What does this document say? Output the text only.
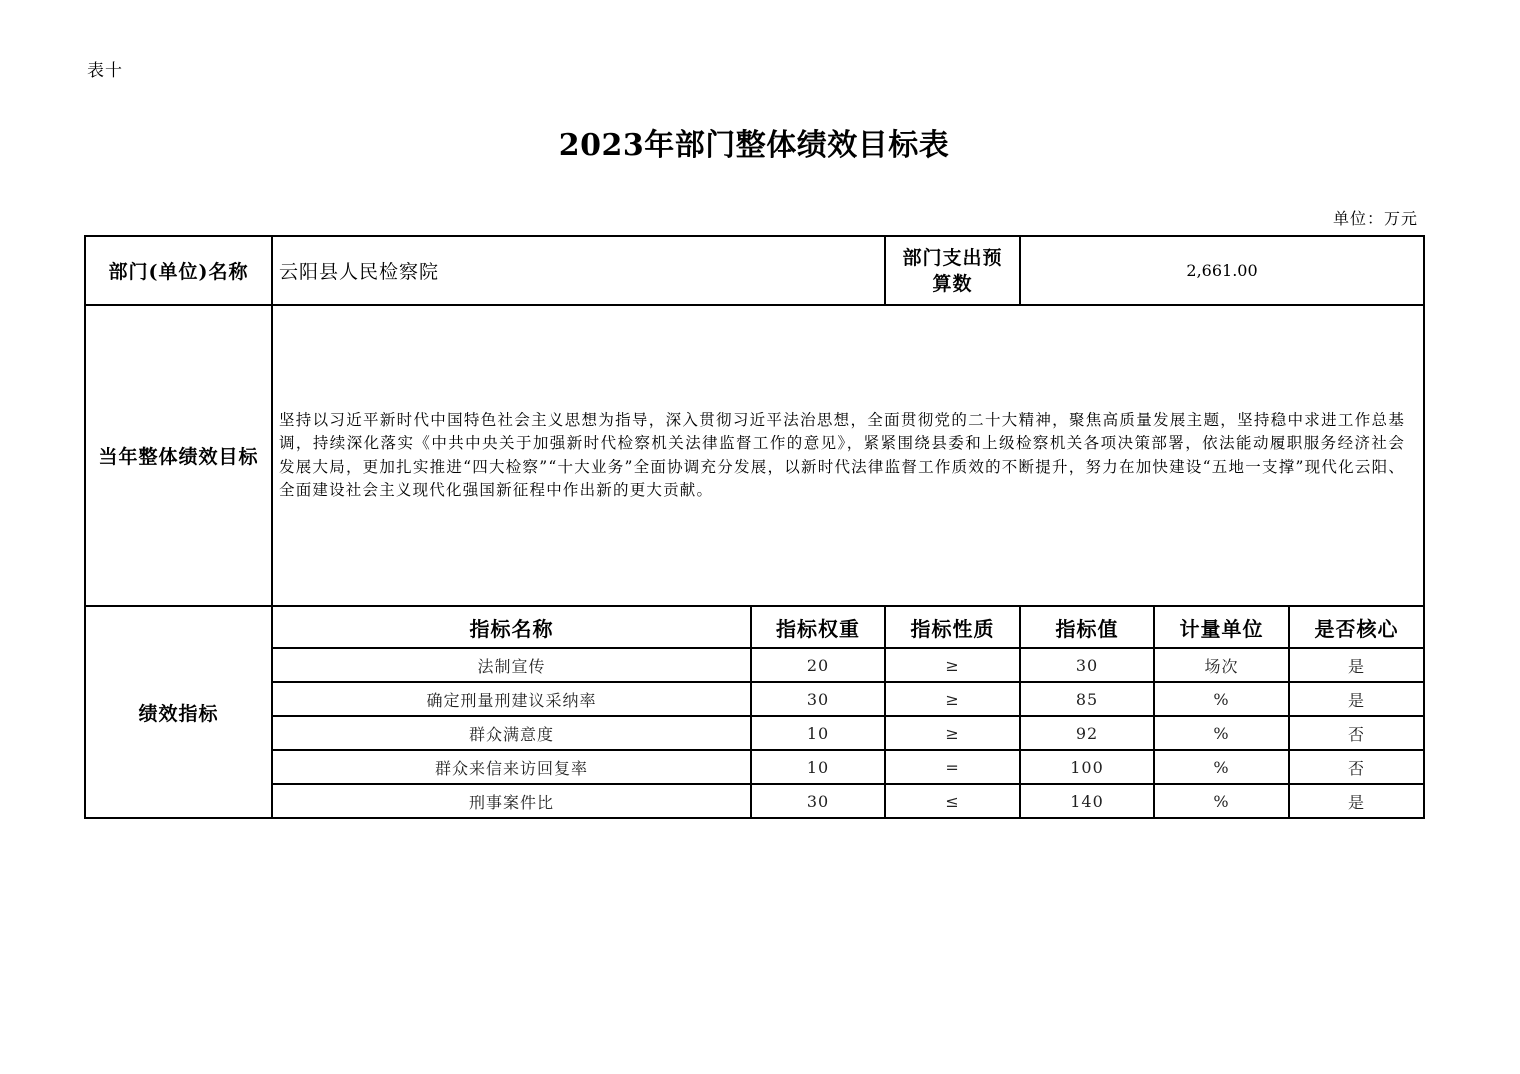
表十
2023年部门整体绩效目标表
单位：万元
部门(单位)名称	云阳县人民检察院		部门支出预算数	2,661.00		
当年整体绩效目标	坚持以习近平新时代中国特色社会主义思想为指导，深入贯彻习近平法治思想，全面贯彻党的二十大精神，聚焦高质量发展主题，坚持稳中求进工作总基调，持续深化落实《中共中央关于加强新时代检察机关法律监督工作的意见》，紧紧围绕县委和上级检察机关各项决策部署，依法能动履职服务经济社会发展大局，更加扎实推进“四大检察”“十大业务”全面协调充分发展，以新时代法律监督工作质效的不断提升，努力在加快建设“五地一支撑”现代化云阳、全面建设社会主义现代化强国新征程中作出新的更大贡献。					
绩效指标	指标名称	指标权重	指标性质	指标值	计量单位	是否核心
	法制宣传	20	≥	30	场次	是
	确定刑量刑建议采纳率	30	≥	85	%	是
	群众满意度	10	≥	92	%	否
	群众来信来访回复率	10	=	100	%	否
	刑事案件比	30	≤	140	%	是
